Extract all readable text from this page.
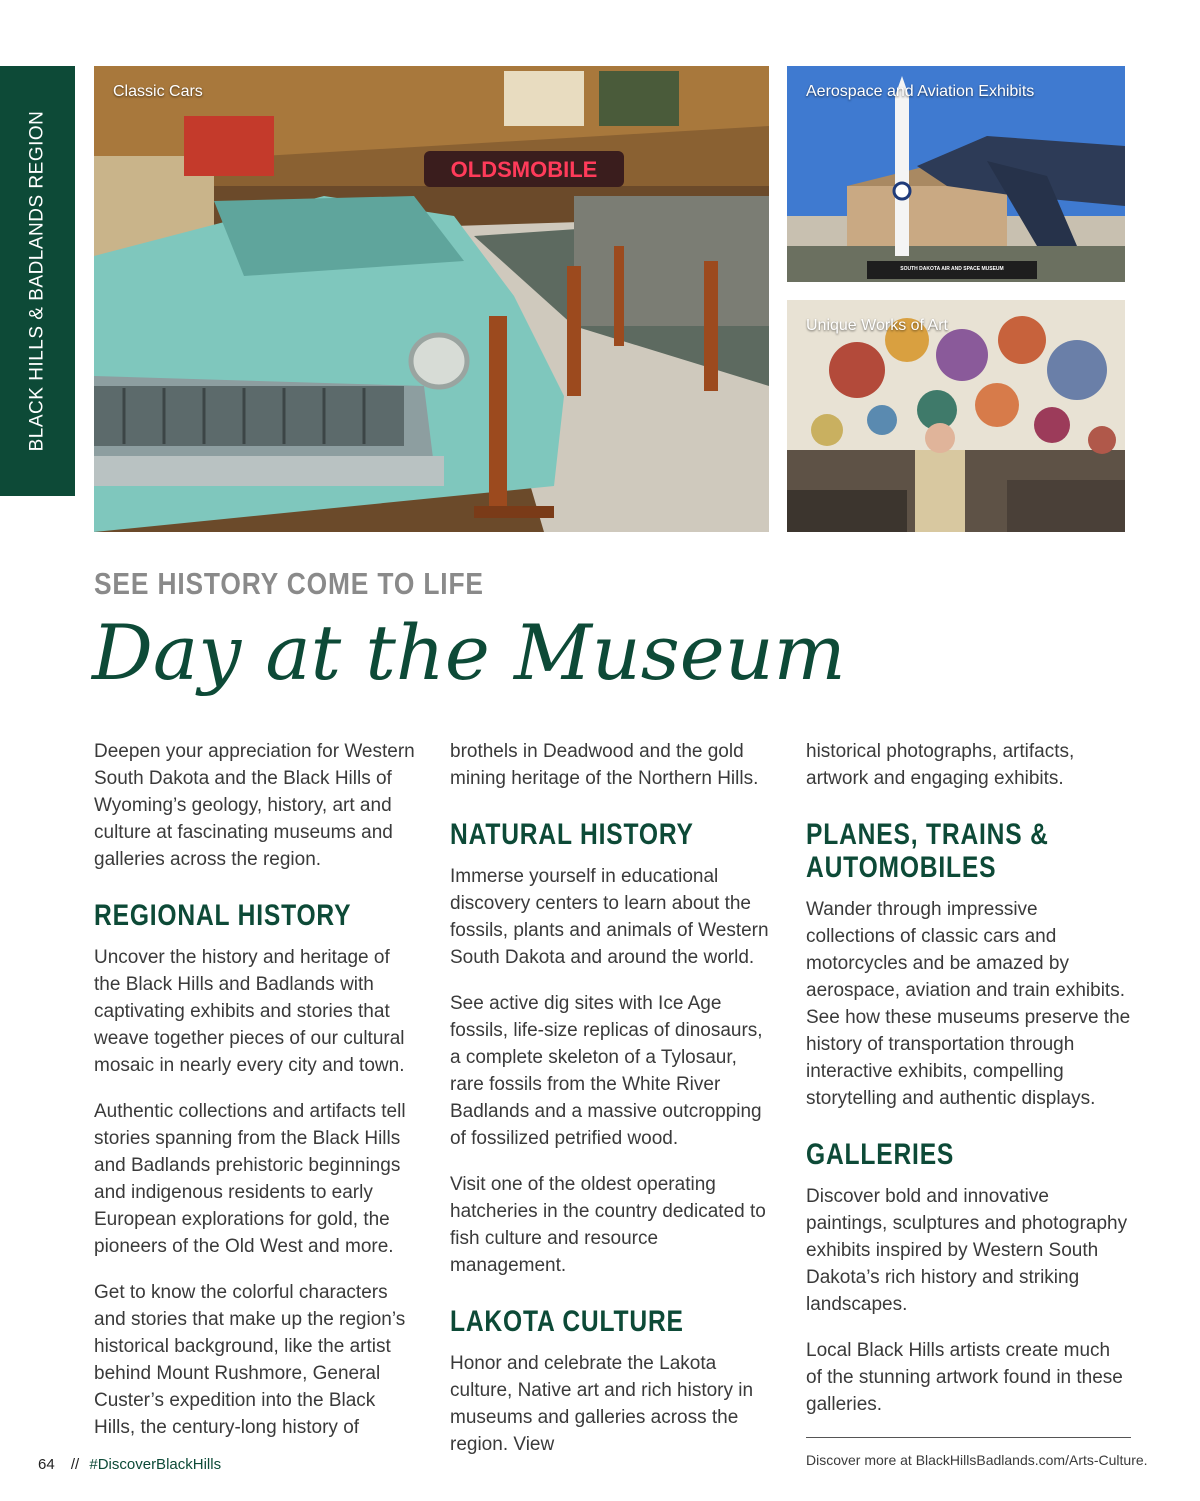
BLACK HILLS & BADLANDS REGION	OLDSMOBILE
Classic Cars
SOUTH DAKOTA AIR AND SPACE MUSEUM
Aerospace and Aviation Exhibits
Unique Works of Art
SEE HISTORY COME TO LIFE
Day at the Museum

Deepen your appreciation for Western South Dakota and the Black Hills of Wyoming’s geology, history, art and culture at fascinating museums and galleries across the region.

REGIONAL HISTORY

Uncover the history and heritage of the Black Hills and Badlands with captivating exhibits and stories that weave together pieces of our cultural mosaic in nearly every city and town.

Authentic collections and artifacts tell stories spanning from the Black Hills and Badlands prehistoric beginnings and indigenous residents to early European explorations for gold, the pioneers of the Old West and more.

Get to know the colorful characters and stories that make up the region’s historical background, like the artist behind Mount Rushmore, General Custer’s expedition into the Black Hills, the century-long history of

brothels in Deadwood and the gold mining heritage of the Northern Hills.

NATURAL HISTORY

Immerse yourself in educational discovery centers to learn about the fossils, plants and animals of Western South Dakota and around the world.

See active dig sites with Ice Age fossils, life-size replicas of dinosaurs, a complete skeleton of a Tylosaur, rare fossils from the White River Badlands and a massive outcropping of fossilized petrified wood.

Visit one of the oldest operating hatcheries in the country dedicated to fish culture and resource management.

LAKOTA CULTURE

Honor and celebrate the Lakota culture, Native art and rich history in museums and galleries across the region. View

historical photographs, artifacts, artwork and engaging exhibits.

PLANES, TRAINS &
AUTOMOBILES

Wander through impressive collections of classic cars and motorcycles and be amazed by aerospace, aviation and train exhibits. See how these museums preserve the history of transportation through interactive exhibits, compelling storytelling and authentic displays.

GALLERIES

Discover bold and innovative paintings, sculptures and photography exhibits inspired by Western South Dakota’s rich history and striking landscapes.

Local Black Hills artists create much of the stunning artwork found in these galleries.

Discover more at BlackHillsBadlands.com/Arts-Culture.
64 // #DiscoverBlackHills
